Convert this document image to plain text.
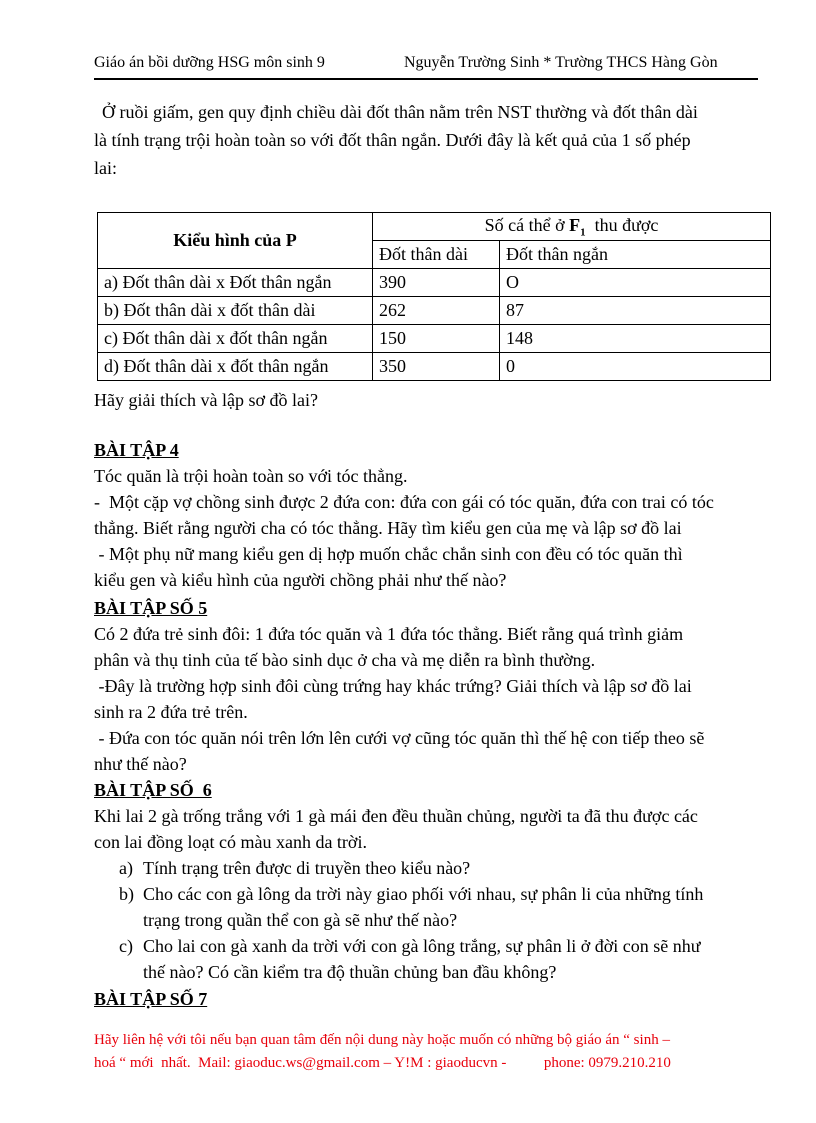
Giáo án bồi dưỡng HSG môn sinh 9	Nguyễn Trường Sinh * Trường THCS Hàng Gòn
Ở ruồi giấm, gen quy định chiều dài đốt thân nằm trên NST thường và đốt thân dài
là tính trạng trội hoàn toàn so với đốt thân ngắn. Dưới đây là kết quả của 1 số phép
lai:
Kiểu hình của P	Số cá thể ở $F_1$  thu được	
	Đốt thân dài	Đốt thân ngắn
a) Đốt thân dài x Đốt thân ngắn	390	O
b) Đốt thân dài x đốt thân dài	262	87
c) Đốt thân dài x đốt thân ngắn	150	148
d) Đốt thân dài x đốt thân ngắn	350	0
Hãy giải thích và lập sơ đồ lai?
BÀI TẬP 4

Tóc quăn là trội hoàn toàn so với tóc thẳng.

-  Một cặp vợ chồng sinh được 2 đứa con: đứa con gái có tóc quăn, đứa con trai có tóc

thẳng. Biết rằng người cha có tóc thẳng. Hãy tìm kiểu gen của mẹ và lập sơ đồ lai

- Một phụ nữ mang kiểu gen dị hợp muốn chắc chắn sinh con đều có tóc quăn thì

kiểu gen và kiểu hình của người chồng phải như thế nào?

BÀI TẬP SỐ 5

Có 2 đứa trẻ sinh đôi: 1 đứa tóc quăn và 1 đứa tóc thẳng. Biết rằng quá trình giảm

phân và thụ tinh của tế bào sinh dục ở cha và mẹ diễn ra bình thường.

-Đây là trường hợp sinh đôi cùng trứng hay khác trứng? Giải thích và lập sơ đồ lai

sinh ra 2 đứa trẻ trên.

- Đứa con tóc quăn nói trên lớn lên cưới vợ cũng tóc quăn thì thế hệ con tiếp theo sẽ

như thế nào?

BÀI TẬP SỐ  6

Khi lai 2 gà trống trắng với 1 gà mái đen đều thuần chủng, người ta đã thu được các

con lai đồng loạt có màu xanh da trời.

a) Tính trạng trên được di truyền theo kiểu nào?
b) Cho các con gà lông da trời này giao phối với nhau, sự phân li của những tính
trạng trong quần thể con gà sẽ như thế nào?
c) Cho lai con gà xanh da trời với con gà lông trắng, sự phân li ở đời con sẽ như
thế nào? Có cần kiểm tra độ thuần chủng ban đầu không?
BÀI TẬP SỐ 7
Hãy liên hệ với tôi nếu bạn quan tâm đến nội dung này hoặc muốn có những bộ giáo án “ sinh –
hoá “ mới  nhất.  Mail: giaoduc.ws@gmail.com – Y!M : giaoducvn -          phone: 0979.210.210
